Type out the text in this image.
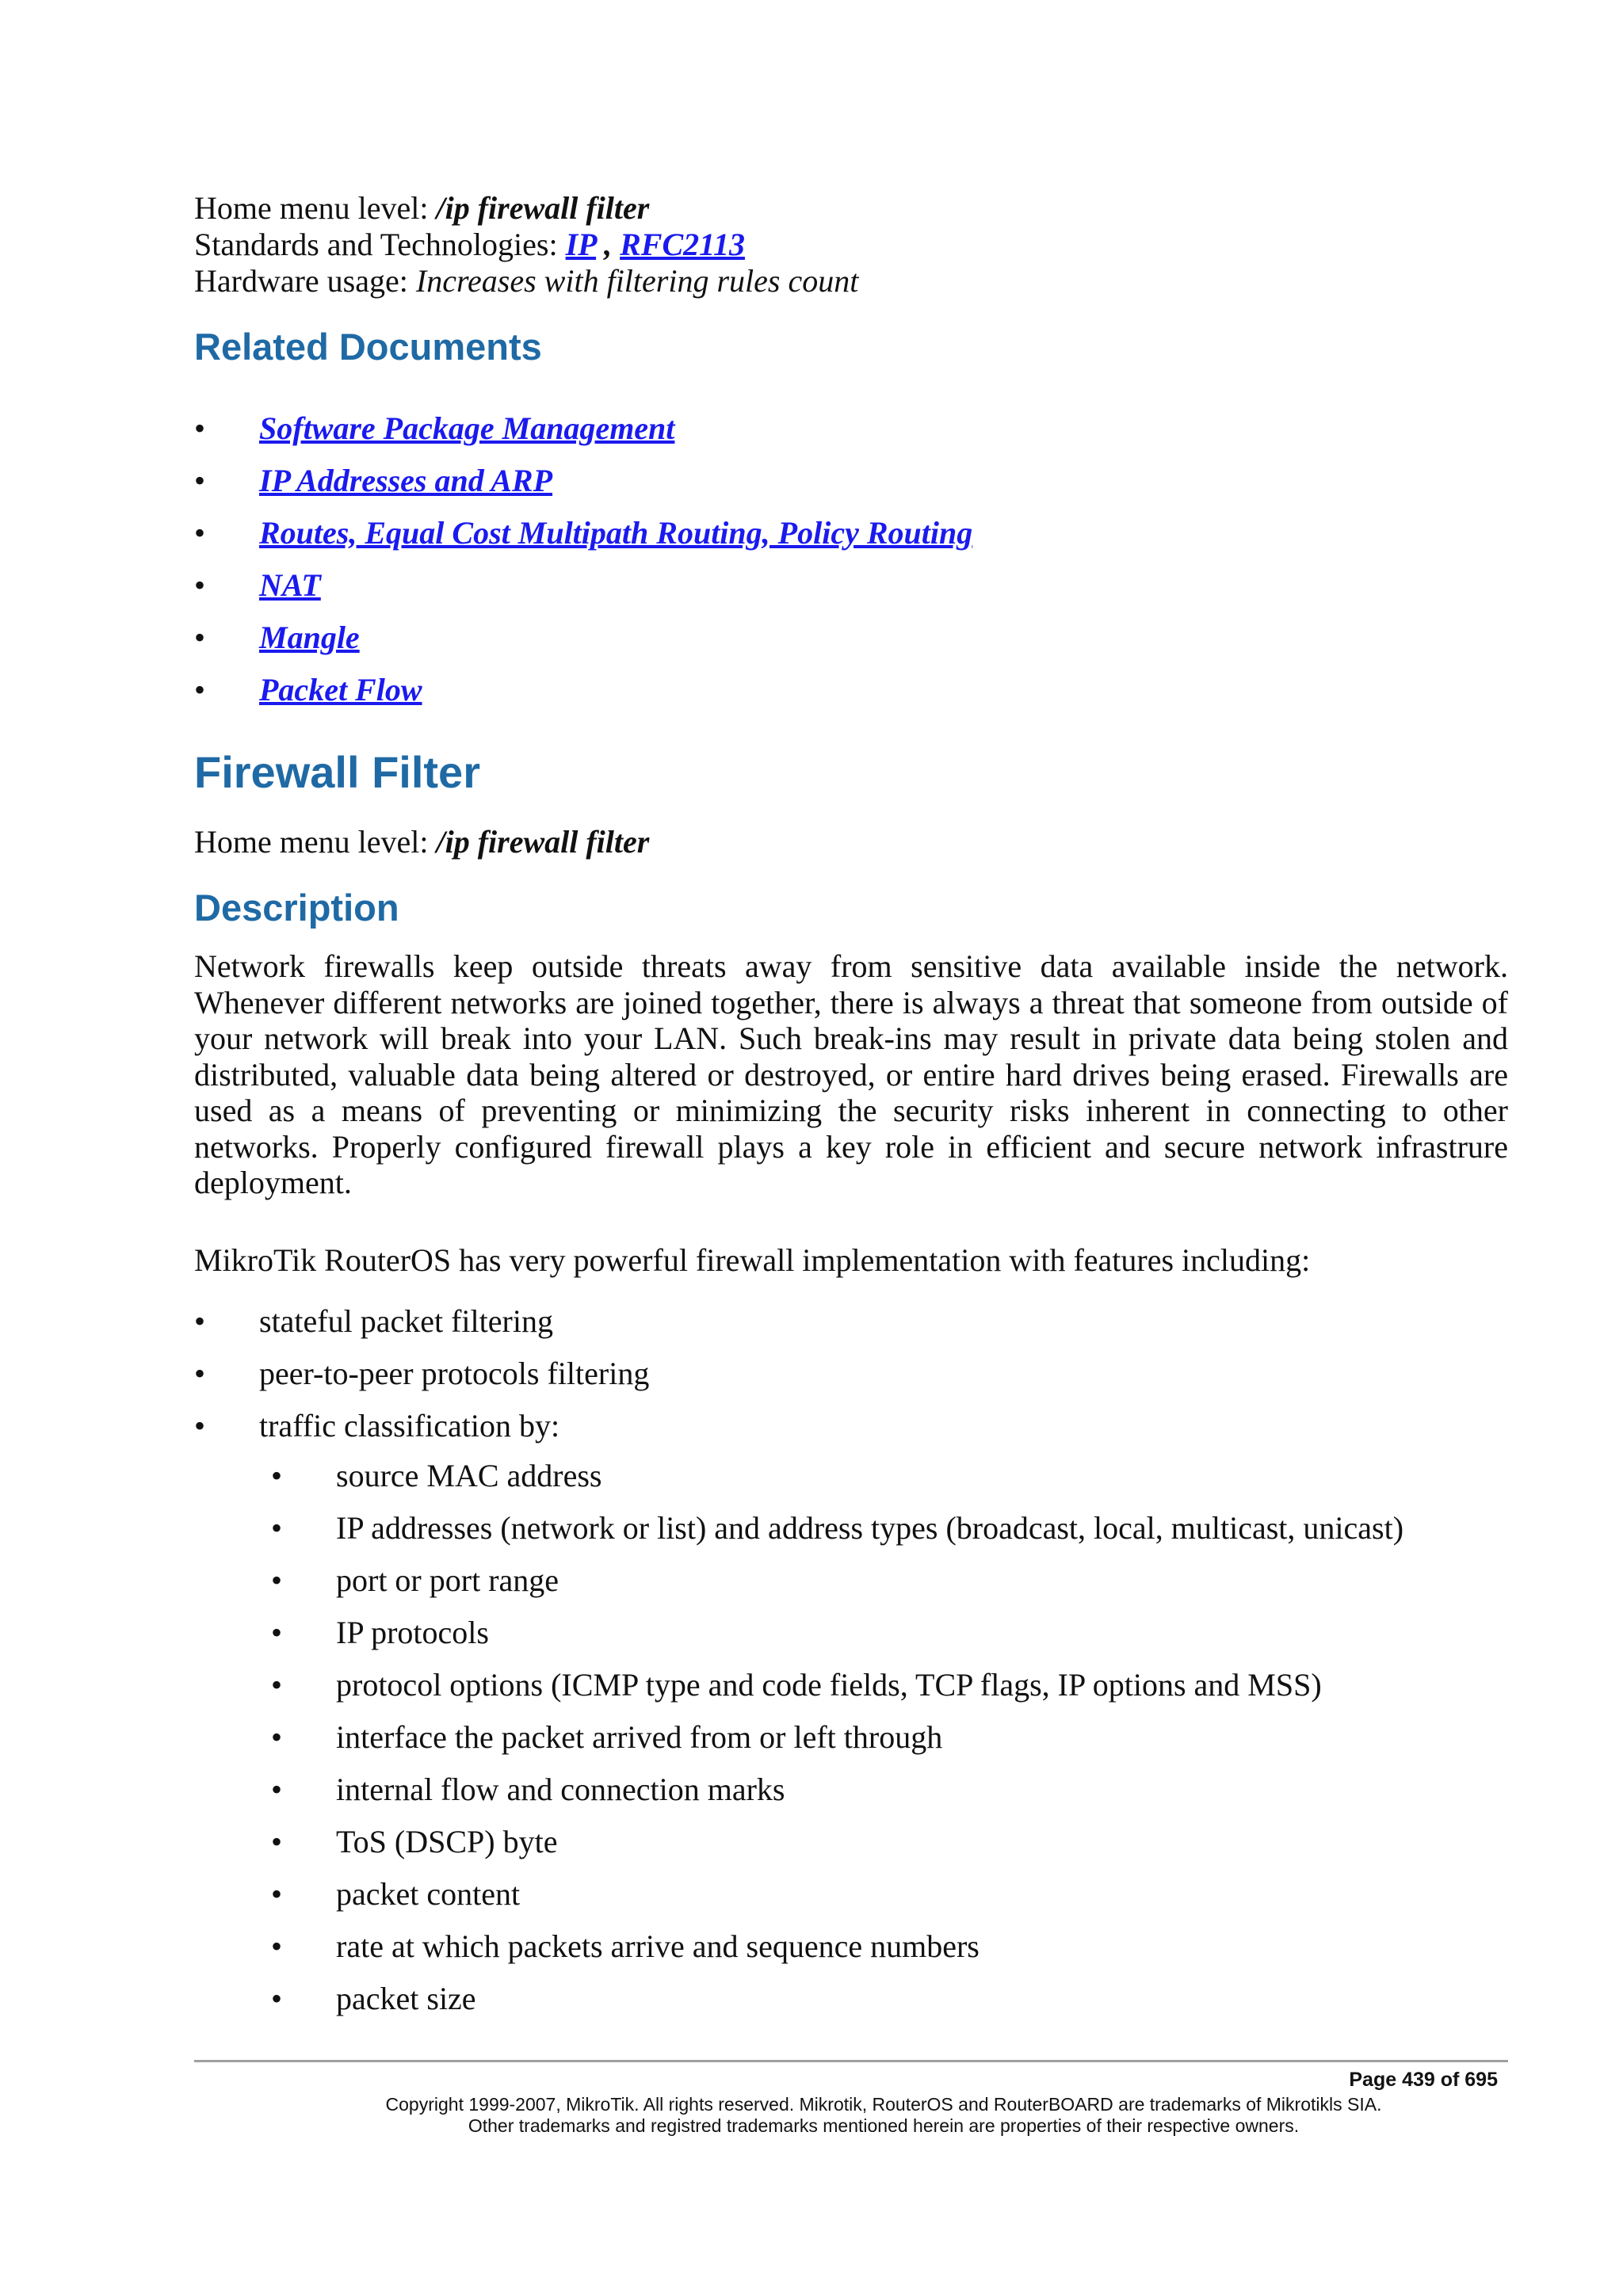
Home menu level: /ip firewall filter
Standards and Technologies: IP , RFC2113
Hardware usage: Increases with filtering rules count
Related Documents
• Software Package Management
• IP Addresses and ARP
• Routes, Equal Cost Multipath Routing, Policy Routing
• NAT
• Mangle
• Packet Flow
Firewall Filter
Home menu level: /ip firewall filter
Description

Network firewalls keep outside threats away from sensitive data available inside the network. Whenever different networks are joined together, there is always a threat that someone from outside of your network will break into your LAN. Such break-ins may result in private data being stolen and distributed, valuable data being altered or destroyed, or entire hard drives being erased. Firewalls are used as a means of preventing or minimizing the security risks inherent in connecting to other networks. Properly configured firewall plays a key role in efficient and secure network infrastrure deployment.

MikroTik RouterOS has very powerful firewall implementation with features including:
• stateful packet filtering
• peer-to-peer protocols filtering
• traffic classification by:
• source MAC address
• IP addresses (network or list) and address types (broadcast, local, multicast, unicast)
• port or port range
• IP protocols
• protocol options (ICMP type and code fields, TCP flags, IP options and MSS)
• interface the packet arrived from or left through
• internal flow and connection marks
• ToS (DSCP) byte
• packet content
• rate at which packets arrive and sequence numbers
• packet size
Page 439 of 695
Copyright 1999-2007, MikroTik. All rights reserved. Mikrotik, RouterOS and RouterBOARD are trademarks of Mikrotikls SIA.
Other trademarks and registred trademarks mentioned herein are properties of their respective owners.
